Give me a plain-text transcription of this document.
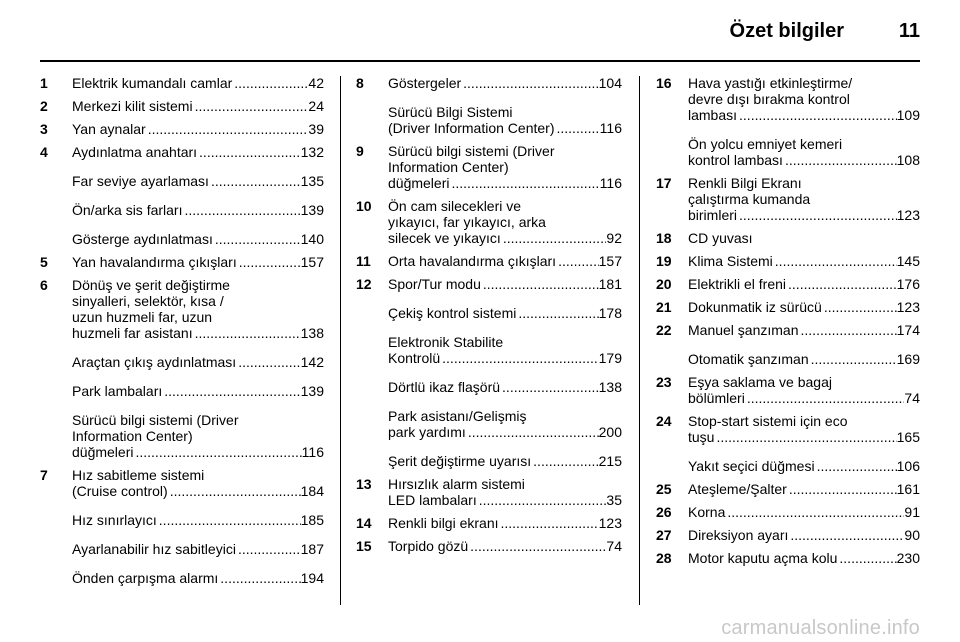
Özet bilgiler	11
1	Elektrik kumandalı camlar .....	42
2	Merkezi kilit sistemi .....	24
3	Yan aynalar .....	39
4	Aydınlatma anahtarı .....	132
Far seviye ayarlaması .....	135
Ön/arka sis farları .....	139
Gösterge aydınlatması .....	140
5	Yan havalandırma çıkışları .....	157
6	Dönüş ve şerit değiştirme
sinyalleri, selektör, kısa /
uzun huzmeli far, uzun
huzmeli far asistanı .....	138
Araçtan çıkış aydınlatması .....	142
Park lambaları .....	139
Sürücü bilgi sistemi (Driver
Information Center)
düğmeleri .....	116
7	Hız sabitleme sistemi
(Cruise control) .....	184
Hız sınırlayıcı .....	185
Ayarlanabilir hız sabitleyici .....	187
Önden çarpışma alarmı .....	194
8	Göstergeler .....	104
Sürücü Bilgi Sistemi
(Driver Information Center) .....	116
9	Sürücü bilgi sistemi (Driver
Information Center)
düğmeleri .....	116
10	Ön cam silecekleri ve
yıkayıcı, far yıkayıcı, arka
silecek ve yıkayıcı .....	92
11	Orta havalandırma çıkışları .....	157
12	Spor/Tur modu .....	181
Çekiş kontrol sistemi .....	178
Elektronik Stabilite
Kontrolü .....	179
Dörtlü ikaz flaşörü .....	138
Park asistanı/Gelişmiş
park yardımı .....	200
Şerit değiştirme uyarısı .....	215
13	Hırsızlık alarm sistemi
LED lambaları .....	35
14	Renkli bilgi ekranı .....	123
15	Torpido gözü .....	74
16	Hava yastığı etkinleştirme/
devre dışı bırakma kontrol
lambası .....	109
Ön yolcu emniyet kemeri
kontrol lambası .....	108
17	Renkli Bilgi Ekranı
çalıştırma kumanda
birimleri .....	123
18	CD yuvası
19	Klima Sistemi .....	145
20	Elektrikli el freni .....	176
21	Dokunmatik iz sürücü .....	123
22	Manuel şanzıman .....	174
Otomatik şanzıman .....	169
23	Eşya saklama ve bagaj
bölümleri .....	74
24	Stop-start sistemi için eco
tuşu .....	165
Yakıt seçici düğmesi .....	106
25	Ateşleme/Şalter .....	161
26	Korna .....	91
27	Direksiyon ayarı .....	90
28	Motor kaputu açma kolu .....	230
carmanualsonline.info
